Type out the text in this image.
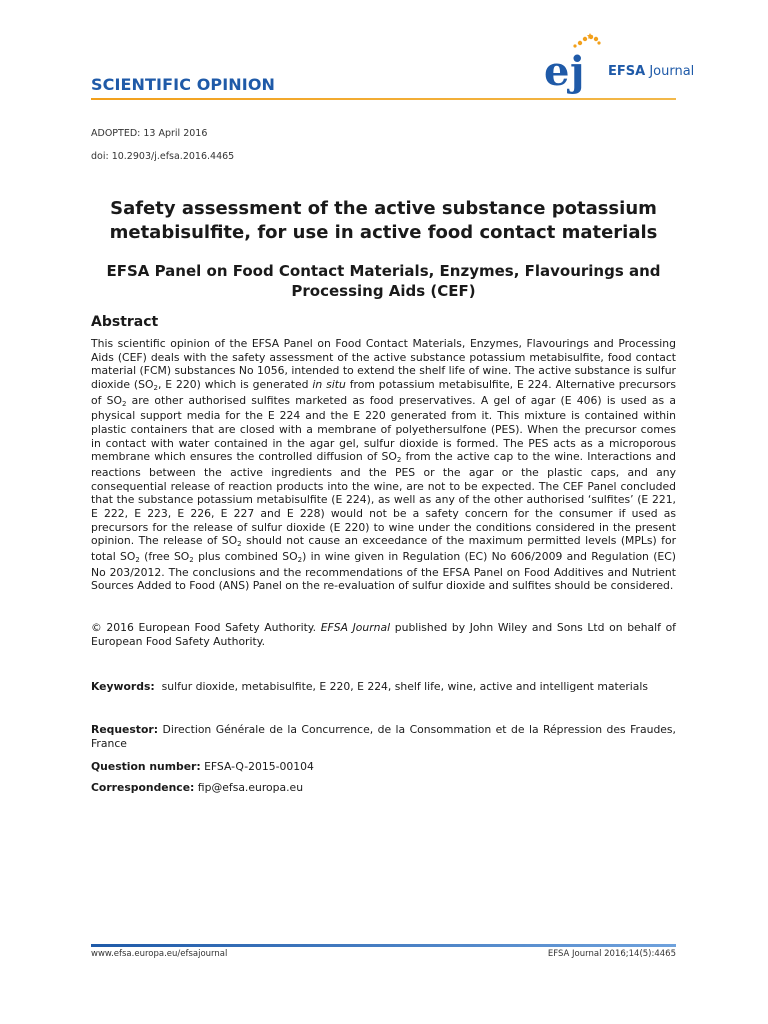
SCIENTIFIC OPINION	e j EFSA Journal
ADOPTED: 13 April 2016
doi: 10.2903/j.efsa.2016.4465
Safety assessment of the active substance potassium metabisulfite, for use in active food contact materials
EFSA Panel on Food Contact Materials, Enzymes, Flavourings and Processing Aids (CEF)
Abstract
This scientific opinion of the EFSA Panel on Food Contact Materials, Enzymes, Flavourings and Processing Aids (CEF) deals with the safety assessment of the active substance potassium metabisulfite, food contact material (FCM) substances No 1056, intended to extend the shelf life of wine. The active substance is sulfur dioxide ($SO_2$, E 220) which is generated in situ from potassium metabisulfite, E 224. Alternative precursors of $SO_2$ are other authorised sulfites marketed as food preservatives. A gel of agar (E 406) is used as a physical support media for the E 224 and the E 220 generated from it. This mixture is contained within plastic containers that are closed with a membrane of polyethersulfone (PES). When the precursor comes in contact with water contained in the agar gel, sulfur dioxide is formed. The PES acts as a microporous membrane which ensures the controlled diffusion of $SO_2$ from the active cap to the wine. Interactions and reactions between the active ingredients and the PES or the agar or the plastic caps, and any consequential release of reaction products into the wine, are not to be expected. The CEF Panel concluded that the substance potassium metabisulfite (E 224), as well as any of the other authorised ‘sulfites’ (E 221, E 222, E 223, E 226, E 227 and E 228) would not be a safety concern for the consumer if used as precursors for the release of sulfur dioxide (E 220) to wine under the conditions considered in the present opinion. The release of $SO_2$ should not cause an exceedance of the maximum permitted levels (MPLs) for total $SO_2$ (free $SO_2$ plus combined $SO_2$) in wine given in Regulation (EC) No 606/2009 and Regulation (EC) No 203/2012. The conclusions and the recommendations of the EFSA Panel on Food Additives and Nutrient Sources Added to Food (ANS) Panel on the re-evaluation of sulfur dioxide and sulfites should be considered.
© 2016 European Food Safety Authority. EFSA Journal published by John Wiley and Sons Ltd on behalf of European Food Safety Authority.
Keywords: sulfur dioxide, metabisulfite, E 220, E 224, shelf life, wine, active and intelligent materials
Requestor: Direction Générale de la Concurrence, de la Consommation et de la Répression des Fraudes, France
Question number: EFSA-Q-2015-00104
Correspondence: fip@efsa.europa.eu
www.efsa.europa.eu/efsajournal	EFSA Journal 2016;14(5):4465
